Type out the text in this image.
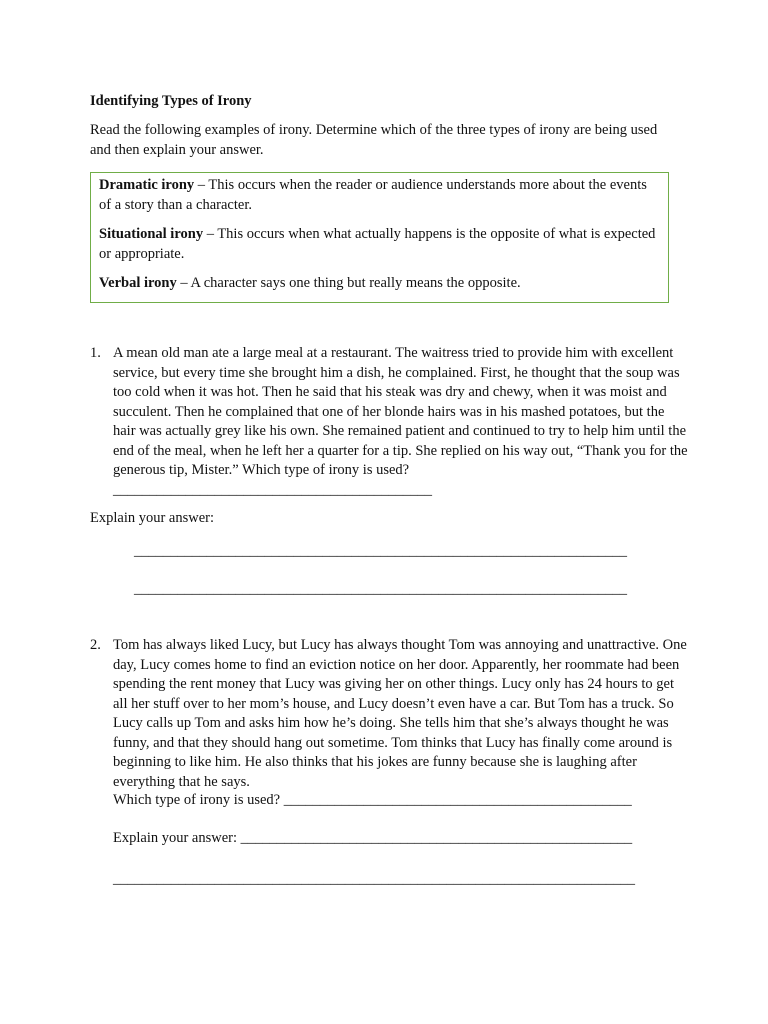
Identifying Types of Irony
Read the following examples of irony. Determine which of the three types of irony are being used and then explain your answer.

Dramatic irony – This occurs when the reader or audience understands more about the events of a story than a character.

Situational irony – This occurs when what actually happens is the opposite of what is expected or appropriate.

Verbal irony – A character says one thing but really means the opposite.

1. A mean old man ate a large meal at a restaurant. The waitress tried to provide him with excellent service, but every time she brought him a dish, he complained. First, he thought that the soup was too cold when it was hot. Then he said that his steak was dry and chewy, when it was moist and succulent. Then he complained that one of her blonde hairs was in his mashed potatoes, but the hair was actually grey like his own. She remained patient and continued to try to help him until the end of the meal, when he left her a quarter for a tip. She replied on his way out, “Thank you for the generous tip, Mister.” Which type of irony is used? ____________________________________________
Explain your answer:
____________________________________________________________________
____________________________________________________________________
2. Tom has always liked Lucy, but Lucy has always thought Tom was annoying and unattractive. One day, Lucy comes home to find an eviction notice on her door. Apparently, her roommate had been spending the rent money that Lucy was giving her on other things. Lucy only has 24 hours to get all her stuff over to her mom’s house, and Lucy doesn’t even have a car. But Tom has a truck. So Lucy calls up Tom and asks him how he’s doing. She tells him that she’s always thought he was funny, and that they should hang out sometime. Tom thinks that Lucy has finally come around is beginning to like him. He also thinks that his jokes are funny because she is laughing after everything that he says.
Which type of irony is used? ________________________________________________
Explain your answer: ______________________________________________________
________________________________________________________________________
